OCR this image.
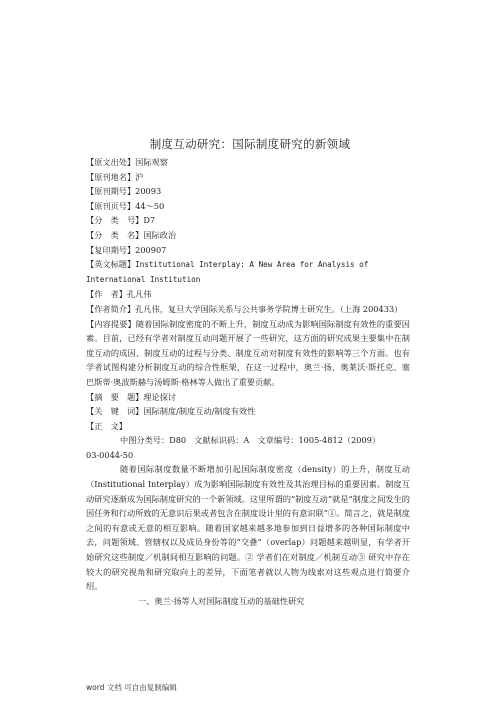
制度互动研究：国际制度研究的新领域
【原文出处】国际观察
【原刊地名】沪
【原刊期号】20093
【原刊页号】44～50
【分　类　号】D7
【分　类　名】国际政治
【复印期号】200907
【英文标题】Institutional Interplay: A New Area for Analysis of
International Institution
【作　者】孔凡伟
【作者简介】孔凡伟，复旦大学国际关系与公共事务学院博士研究生。（上海 200433）
【内容提要】随着国际制度密度的不断上升，制度互动成为影响国际制度有效性的重要因素。目前，已经有学者对制度互动问题开展了一些研究，这方面的研究成果主要集中在制度互动的成因、制度互动的过程与分类、制度互动对制度有效性的影响等三个方面。也有学者试图构建分析制度互动的综合性框架，在这一过程中，奥兰·扬、奥莱沃·斯托克、塞巴斯蒂·奥波斯赫与汤姆斯·格林等人做出了重要贡献。
【摘　要　题】理论探讨
【关　键　词】国际制度/制度互动/制度有效性
【正　文】
中图分类号：D80　文献标识码：A　文章编号：1005-4812（2009）
03-0044-50
随着国际制度数量不断增加引起国际制度密度（density）的上升，制度互动（Institutional Interplay）成为影响国际制度有效性及其治理目标的重要因素。制度互动研究逐渐成为国际制度研究的一个新领域。这里所谓的“制度互动”就是“制度之间发生的因任务和行动所致的无意识后果或者包含在制度设计里的有意识联”①。简言之，就是制度之间的有意或无意的相互影响。随着国家越来越多地参加到日益增多的各种国际制度中去，问题领域、管辖权以及成员身份等的“交叠”（overlap）问题越来越明显，有学者开始研究这些制度／机制间相互影响的问题。② 学者们在对制度／机制互动③ 研究中存在较大的研究视角和研究取向上的差异，下面笔者就以人物为线索对这些观点进行简要介绍。
一、奥兰·扬等人对国际制度互动的基础性研究
word 文档 可自由复制编辑
